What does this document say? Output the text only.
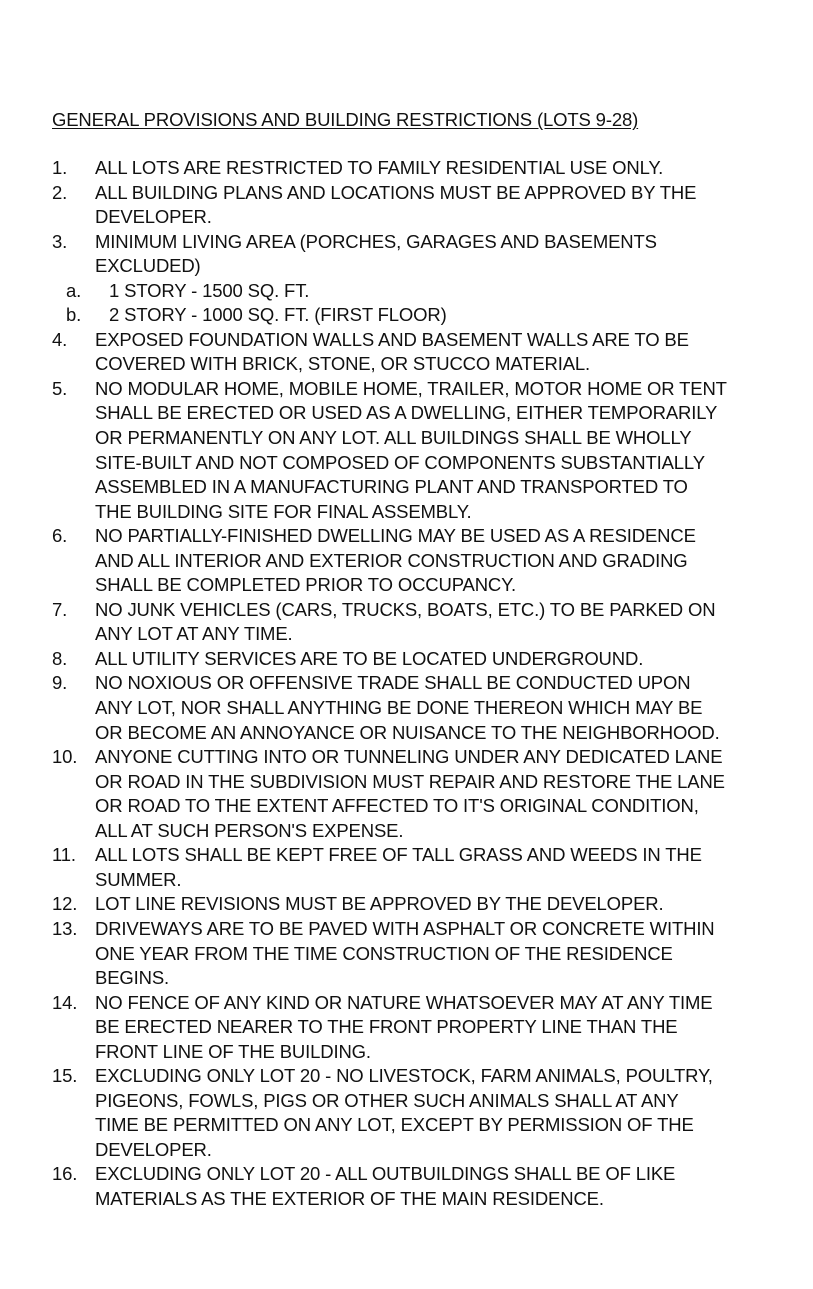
GENERAL PROVISIONS AND BUILDING RESTRICTIONS (LOTS 9-28)
1. ALL LOTS ARE RESTRICTED TO FAMILY RESIDENTIAL USE ONLY.
2. ALL BUILDING PLANS AND LOCATIONS MUST BE APPROVED BY THE
DEVELOPER.
3. MINIMUM LIVING AREA (PORCHES, GARAGES AND BASEMENTS
EXCLUDED)
a. 1 STORY - 1500 SQ. FT.
b. 2 STORY - 1000 SQ. FT. (FIRST FLOOR)
4. EXPOSED FOUNDATION WALLS AND BASEMENT WALLS ARE TO BE
COVERED WITH BRICK, STONE, OR STUCCO MATERIAL.
5. NO MODULAR HOME, MOBILE HOME, TRAILER, MOTOR HOME OR TENT
SHALL BE ERECTED OR USED AS A DWELLING, EITHER TEMPORARILY
OR PERMANENTLY ON ANY LOT. ALL BUILDINGS SHALL BE WHOLLY
SITE-BUILT AND NOT COMPOSED OF COMPONENTS SUBSTANTIALLY
ASSEMBLED IN A MANUFACTURING PLANT AND TRANSPORTED TO
THE BUILDING SITE FOR FINAL ASSEMBLY.
6. NO PARTIALLY-FINISHED DWELLING MAY BE USED AS A RESIDENCE
AND ALL INTERIOR AND EXTERIOR CONSTRUCTION AND GRADING
SHALL BE COMPLETED PRIOR TO OCCUPANCY.
7. NO JUNK VEHICLES (CARS, TRUCKS, BOATS, ETC.) TO BE PARKED ON
ANY LOT AT ANY TIME.
8. ALL UTILITY SERVICES ARE TO BE LOCATED UNDERGROUND.
9. NO NOXIOUS OR OFFENSIVE TRADE SHALL BE CONDUCTED UPON
ANY LOT, NOR SHALL ANYTHING BE DONE THEREON WHICH MAY BE
OR BECOME AN ANNOYANCE OR NUISANCE TO THE NEIGHBORHOOD.
10. ANYONE CUTTING INTO OR TUNNELING UNDER ANY DEDICATED LANE
OR ROAD IN THE SUBDIVISION MUST REPAIR AND RESTORE THE LANE
OR ROAD TO THE EXTENT AFFECTED TO IT'S ORIGINAL CONDITION,
ALL AT SUCH PERSON'S EXPENSE.
11. ALL LOTS SHALL BE KEPT FREE OF TALL GRASS AND WEEDS IN THE
SUMMER.
12. LOT LINE REVISIONS MUST BE APPROVED BY THE DEVELOPER.
13. DRIVEWAYS ARE TO BE PAVED WITH ASPHALT OR CONCRETE WITHIN
ONE YEAR FROM THE TIME CONSTRUCTION OF THE RESIDENCE
BEGINS.
14. NO FENCE OF ANY KIND OR NATURE WHATSOEVER MAY AT ANY TIME
BE ERECTED NEARER TO THE FRONT PROPERTY LINE THAN THE
FRONT LINE OF THE BUILDING.
15. EXCLUDING ONLY LOT 20 - NO LIVESTOCK, FARM ANIMALS, POULTRY,
PIGEONS, FOWLS, PIGS OR OTHER SUCH ANIMALS SHALL AT ANY
TIME BE PERMITTED ON ANY LOT, EXCEPT BY PERMISSION OF THE
DEVELOPER.
16. EXCLUDING ONLY LOT 20 - ALL OUTBUILDINGS SHALL BE OF LIKE
MATERIALS AS THE EXTERIOR OF THE MAIN RESIDENCE.
